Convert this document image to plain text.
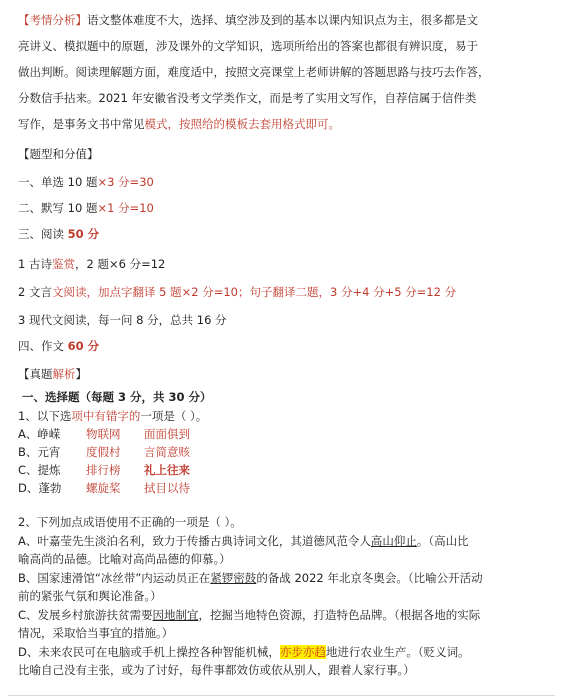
【考情分析】语文整体难度不大，选择、填空涉及到的基本以课内知识点为主，很多都是文
亮讲义、模拟题中的原题，涉及课外的文学知识，选项所给出的答案也都很有辨识度，易于
做出判断。阅读理解题方面，难度适中，按照文亮课堂上老师讲解的答题思路与技巧去作答，
分数信手拈来。2021 年安徽省没考文学类作文，而是考了实用文写作，自荐信属于信件类
写作，是事务文书中常见模式，按照给的模板去套用格式即可。
【题型和分值】
一、单选 10 题×3 分=30
二、默写 10 题×1 分=10
三、阅读 50 分
1 古诗鉴赏，2 题×6 分=12
2 文言文阅读，加点字翻译 5 题×2 分=10；句子翻译二题，3 分+4 分+5 分=12 分
3 现代文阅读，每一问 8 分，总共 16 分
四、作文 60 分
【真题解析】
一、选择题（每题 3 分，共 30 分）
1、以下选项中有错字的一项是（ ）。
A、峥嵘 物联网 面面俱到
B、元宵 度假村 言简意赅
C、提炼 排行榜 礼上往来
D、蓬勃 螺旋桨 拭目以待
2、下列加点成语使用不正确的一项是（ ）。
A、叶嘉莹先生淡泊名利，致力于传播古典诗词文化，其道德风范令人高山仰止。（高山比
喻高尚的品德。比喻对高尚品德的仰慕。）
B、国家速滑馆“冰丝带”内运动员正在紧锣密鼓的备战 2022 年北京冬奥会。（比喻公开活动
前的紧张气氛和舆论准备。）
C、发展乡村旅游扶贫需要因地制宜，挖掘当地特色资源，打造特色品牌。（根据各地的实际
情况，采取恰当事宜的措施。）
D、未来农民可在电脑或手机上操控各种智能机械，亦步亦趋地进行农业生产。（贬义词。
比喻自己没有主张，或为了讨好，每件事都效仿或依从别人，跟着人家行事。）
